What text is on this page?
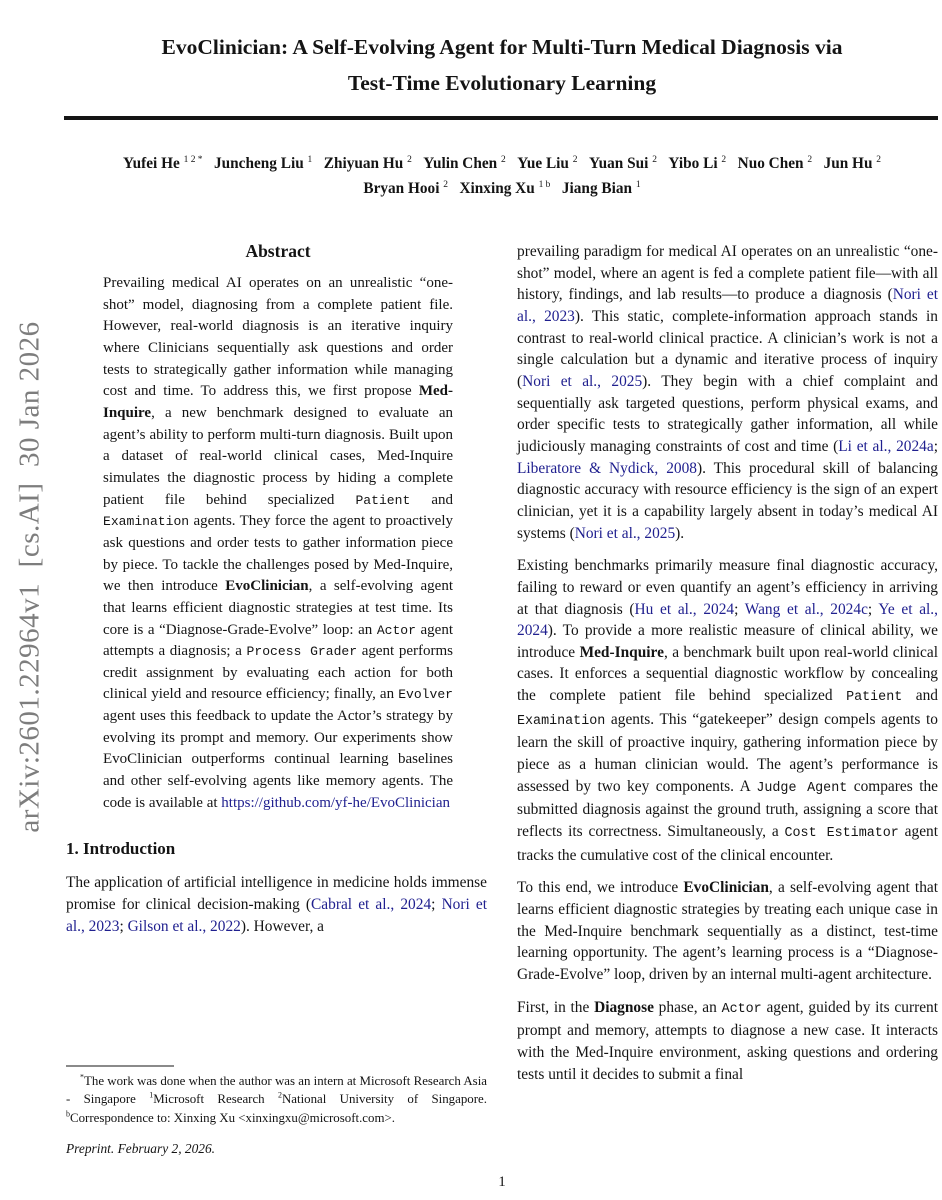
arXiv:2601.22964v1  [cs.AI]  30 Jan 2026
EvoClinician: A Self-Evolving Agent for Multi-Turn Medical Diagnosis via
Test-Time Evolutionary Learning
Yufei He $^{1 2 *}$ Juncheng Liu $^1$ Zhiyuan Hu $^2$ Yulin Chen $^2$ Yue Liu $^2$ Yuan Sui $^2$ Yibo Li $^2$ Nuo Chen $^2$ Jun Hu $^2$
Bryan Hooi $^2$ Xinxing Xu $^{1 b}$ Jiang Bian $^1$
Abstract

Prevailing medical AI operates on an unrealistic “one-shot” model, diagnosing from a complete patient file. However, real-world diagnosis is an iterative inquiry where Clinicians sequentially ask questions and order tests to strategically gather information while managing cost and time. To address this, we first propose Med-Inquire, a new benchmark designed to evaluate an agent’s ability to perform multi-turn diagnosis. Built upon a dataset of real-world clinical cases, Med-Inquire simulates the diagnostic process by hiding a complete patient file behind specialized Patient and Examination agents. They force the agent to proactively ask questions and order tests to gather information piece by piece. To tackle the challenges posed by Med-Inquire, we then introduce EvoClinician, a self-evolving agent that learns efficient diagnostic strategies at test time. Its core is a “Diagnose-Grade-Evolve” loop: an Actor agent attempts a diagnosis; a Process Grader agent performs credit assignment by evaluating each action for both clinical yield and resource efficiency; finally, an Evolver agent uses this feedback to update the Actor’s strategy by evolving its prompt and memory. Our experiments show EvoClinician outperforms continual learning baselines and other self-evolving agents like memory agents. The code is available at https://github.com/yf-he/EvoClinician

1. Introduction

The application of artificial intelligence in medicine holds immense promise for clinical decision-making (Cabral et al., 2024; Nori et al., 2023; Gilson et al., 2022). However, a

*The work was done when the author was an intern at Microsoft Research Asia - Singapore $^1$Microsoft Research $^2$National University of Singapore. $^b$Correspondence to: Xinxing Xu <xinxingxu@microsoft.com>.

Preprint. February 2, 2026.

prevailing paradigm for medical AI operates on an unrealistic “one-shot” model, where an agent is fed a complete patient file—with all history, findings, and lab results—to produce a diagnosis (Nori et al., 2023). This static, complete-information approach stands in contrast to real-world clinical practice. A clinician’s work is not a single calculation but a dynamic and iterative process of inquiry (Nori et al., 2025). They begin with a chief complaint and sequentially ask targeted questions, perform physical exams, and order specific tests to strategically gather information, all while judiciously managing constraints of cost and time (Li et al., 2024a; Liberatore & Nydick, 2008). This procedural skill of balancing diagnostic accuracy with resource efficiency is the sign of an expert clinician, yet it is a capability largely absent in today’s medical AI systems (Nori et al., 2025).

Existing benchmarks primarily measure final diagnostic accuracy, failing to reward or even quantify an agent’s efficiency in arriving at that diagnosis (Hu et al., 2024; Wang et al., 2024c; Ye et al., 2024). To provide a more realistic measure of clinical ability, we introduce Med-Inquire, a benchmark built upon real-world clinical cases. It enforces a sequential diagnostic workflow by concealing the complete patient file behind specialized Patient and Examination agents. This “gatekeeper” design compels agents to learn the skill of proactive inquiry, gathering information piece by piece as a human clinician would. The agent’s performance is assessed by two key components. A Judge Agent compares the submitted diagnosis against the ground truth, assigning a score that reflects its correctness. Simultaneously, a Cost Estimator agent tracks the cumulative cost of the clinical encounter.

To this end, we introduce EvoClinician, a self-evolving agent that learns efficient diagnostic strategies by treating each unique case in the Med-Inquire benchmark sequentially as a distinct, test-time learning opportunity. The agent’s learning process is a “Diagnose-Grade-Evolve” loop, driven by an internal multi-agent architecture.

First, in the Diagnose phase, an Actor agent, guided by its current prompt and memory, attempts to diagnose a new case. It interacts with the Med-Inquire environment, asking questions and ordering tests until it decides to submit a final

1
